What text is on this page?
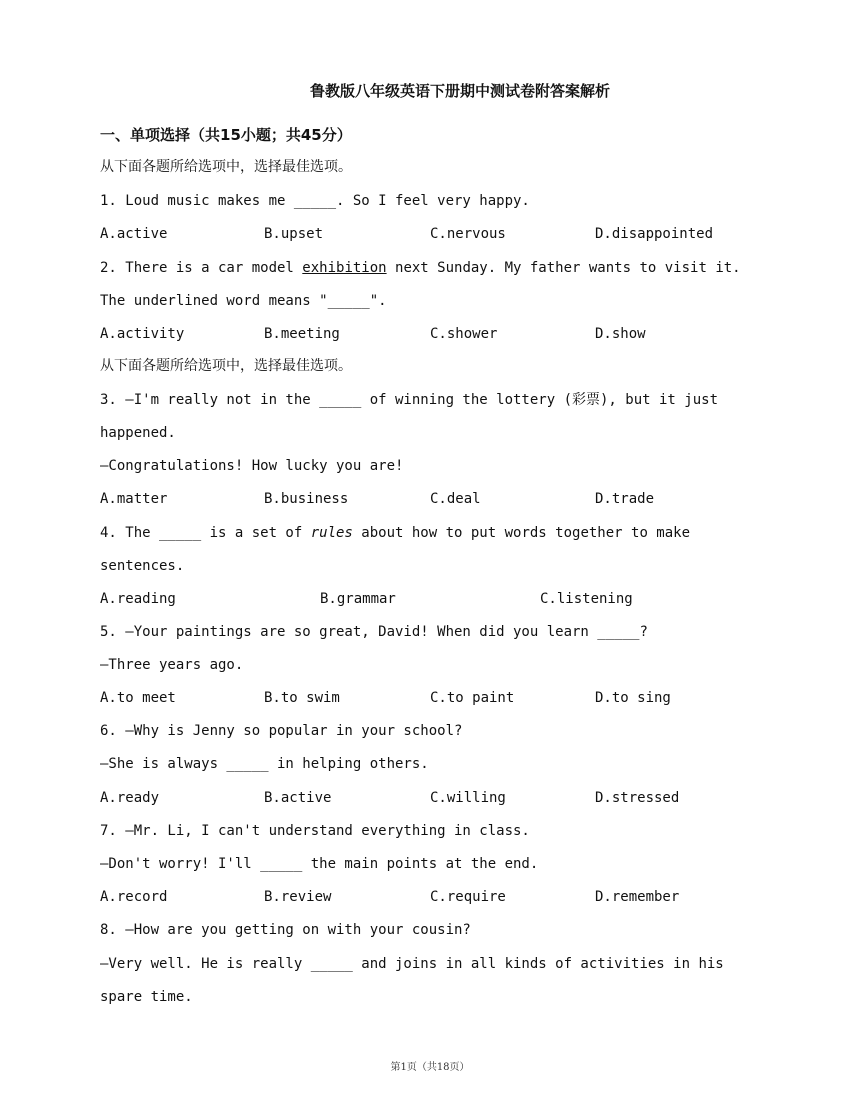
鲁教版八年级英语下册期中测试卷附答案解析
一、单项选择（共15小题；共45分）
从下面各题所给选项中，选择最佳选项。
1. Loud music makes me _____. So I feel very happy.
A.active	B.upset	C.nervous	D.disappointed
2. There is a car model exhibition next Sunday. My father wants to visit it.
The underlined word means "_____".
A.activity	B.meeting	C.shower	D.show
从下面各题所给选项中，选择最佳选项。
3. —I'm really not in the _____ of winning the lottery (彩票), but it just
happened.
—Congratulations! How lucky you are!
A.matter	B.business	C.deal	D.trade
4. The _____ is a set of rules about how to put words together to make
sentences.
A.reading	B.grammar	C.listening
5. —Your paintings are so great, David! When did you learn _____?
—Three years ago.
A.to meet	B.to swim	C.to paint	D.to sing
6. —Why is Jenny so popular in your school?
—She is always _____ in helping others.
A.ready	B.active	C.willing	D.stressed
7. —Mr. Li, I can't understand everything in class.
—Don't worry! I'll _____ the main points at the end.
A.record	B.review	C.require	D.remember
8. —How are you getting on with your cousin?
—Very well. He is really _____ and joins in all kinds of activities in his
spare time.
第1页（共18页）
